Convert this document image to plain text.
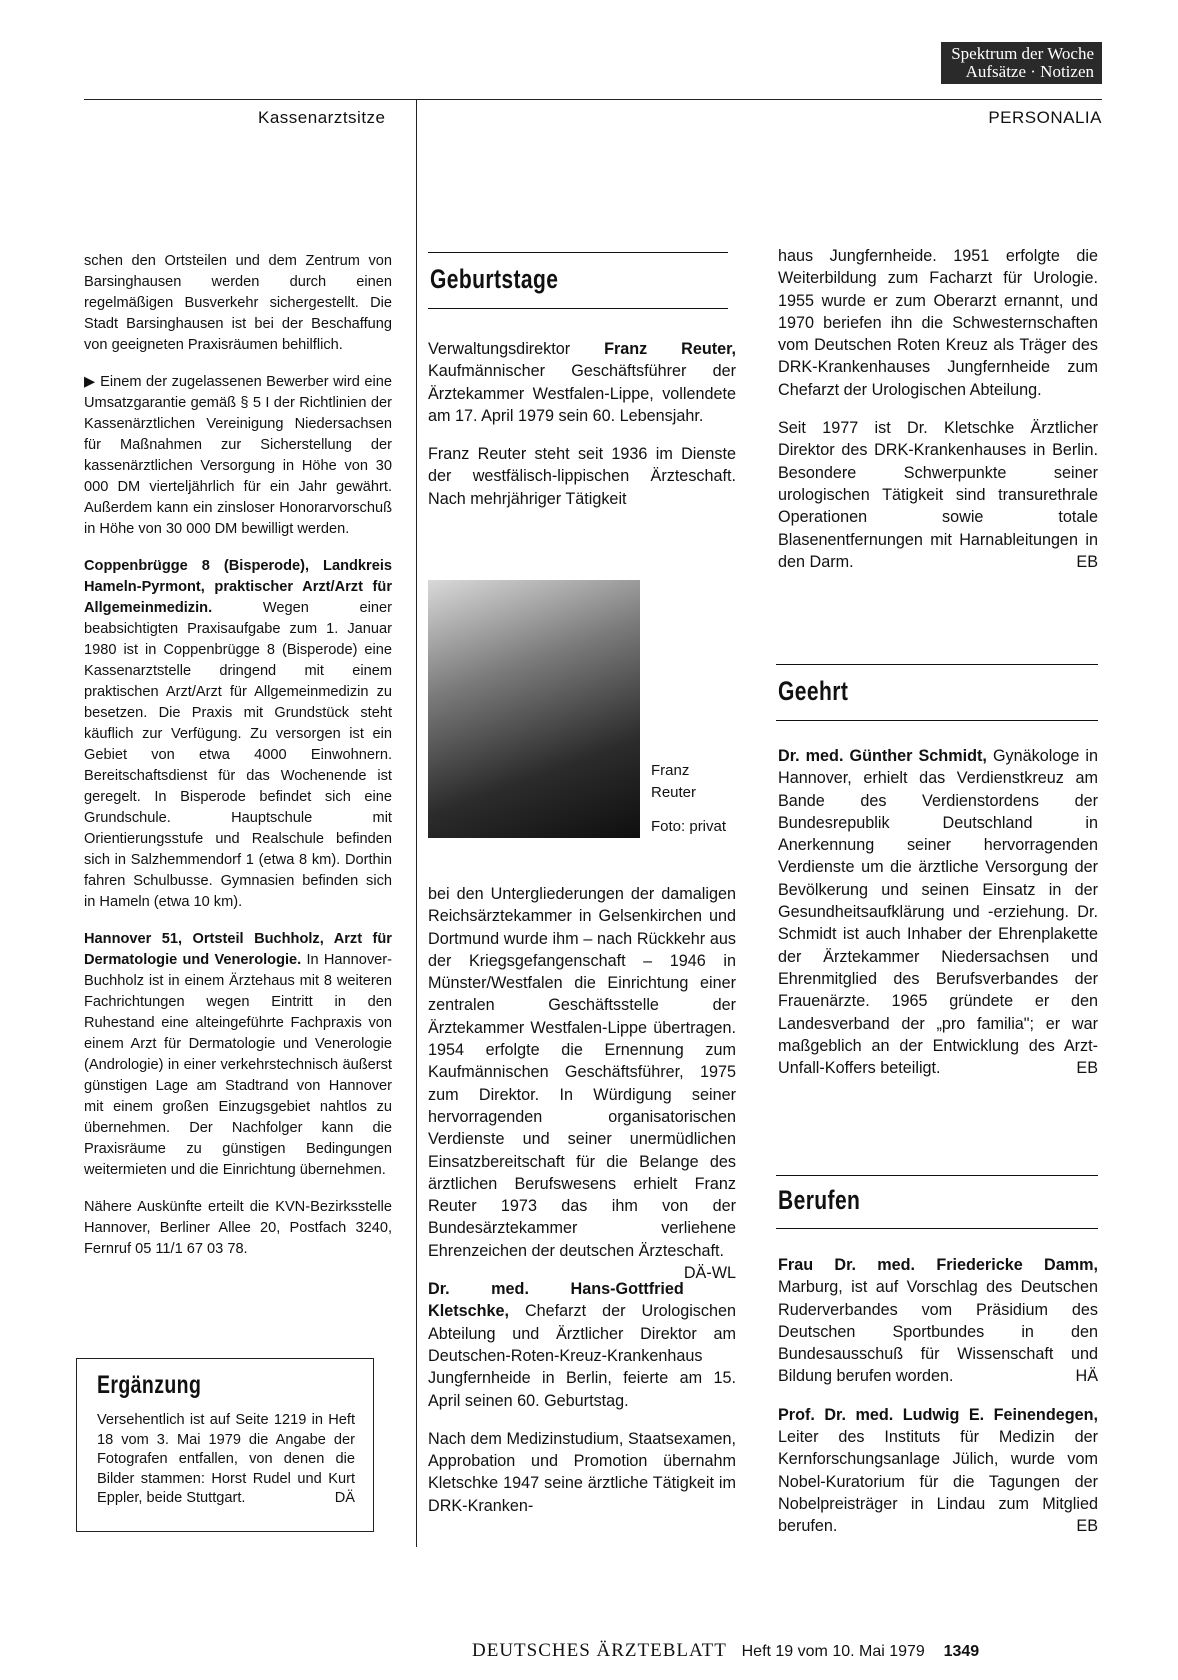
Spektrum der Woche
Aufsätze · Notizen
Kassenarztsitze	PERSONALIA

schen den Ortsteilen und dem Zentrum von Barsinghausen werden durch einen regelmäßigen Busverkehr sichergestellt. Die Stadt Barsinghausen ist bei der Beschaffung von geeigneten Praxisräumen behilflich.

▶ Einem der zugelassenen Bewerber wird eine Umsatzgarantie gemäß § 5 I der Richtlinien der Kassenärztlichen Vereinigung Niedersachsen für Maßnahmen zur Sicherstellung der kassenärztlichen Versorgung in Höhe von 30 000 DM vierteljährlich für ein Jahr gewährt. Außerdem kann ein zinsloser Honorarvorschuß in Höhe von 30 000 DM bewilligt werden.

Coppenbrügge 8 (Bisperode), Landkreis Hameln-Pyrmont, praktischer Arzt/Arzt für Allgemeinmedizin. Wegen einer beabsichtigten Praxisaufgabe zum 1. Januar 1980 ist in Coppenbrügge 8 (Bisperode) eine Kassenarztstelle dringend mit einem praktischen Arzt/Arzt für Allgemeinmedizin zu besetzen. Die Praxis mit Grundstück steht käuflich zur Verfügung. Zu versorgen ist ein Gebiet von etwa 4000 Einwohnern. Bereitschaftsdienst für das Wochenende ist geregelt. In Bisperode befindet sich eine Grundschule. Hauptschule mit Orientierungsstufe und Realschule befinden sich in Salzhemmendorf 1 (etwa 8 km). Dorthin fahren Schulbusse. Gymnasien befinden sich in Hameln (etwa 10 km).

Hannover 51, Ortsteil Buchholz, Arzt für Dermatologie und Venerologie. In Hannover-Buchholz ist in einem Ärztehaus mit 8 weiteren Fachrichtungen wegen Eintritt in den Ruhestand eine alteingeführte Fachpraxis von einem Arzt für Dermatologie und Venerologie (Andrologie) in einer verkehrstechnisch äußerst günstigen Lage am Stadtrand von Hannover mit einem großen Einzugsgebiet nahtlos zu übernehmen. Der Nachfolger kann die Praxisräume zu günstigen Bedingungen weitermieten und die Einrichtung übernehmen.

Nähere Auskünfte erteilt die KVN-Bezirksstelle Hannover, Berliner Allee 20, Postfach 3240, Fernruf 05 11/1 67 03 78.

Ergänzung
Versehentlich ist auf Seite 1219 in Heft 18 vom 3. Mai 1979 die Angabe der Fotografen entfallen, von denen die Bilder stammen: Horst Rudel und Kurt Eppler, beide Stuttgart.	DÄ
Geburtstage

Verwaltungsdirektor Franz Reuter, Kaufmännischer Geschäftsführer der Ärztekammer Westfalen-Lippe, vollendete am 17. April 1979 sein 60. Lebensjahr.

Franz Reuter steht seit 1936 im Dienste der westfälisch-lippischen Ärzteschaft. Nach mehrjähriger Tätigkeit

Franz
Reuter
Foto: privat

bei den Untergliederungen der damaligen Reichsärztekammer in Gelsenkirchen und Dortmund wurde ihm – nach Rückkehr aus der Kriegsgefangenschaft – 1946 in Münster/Westfalen die Einrichtung einer zentralen Geschäftsstelle der Ärztekammer Westfalen-Lippe übertragen. 1954 erfolgte die Ernennung zum Kaufmännischen Geschäftsführer, 1975 zum Direktor. In Würdigung seiner hervorragenden organisatorischen Verdienste und seiner unermüdlichen Einsatzbereitschaft für die Belange des ärztlichen Berufswesens erhielt Franz Reuter 1973 das ihm von der Bundesärztekammer verliehene Ehrenzeichen der deutschen Ärzteschaft.
DÄ-WL

Dr. med. Hans-Gottfried Kletschke, Chefarzt der Urologischen Abteilung und Ärztlicher Direktor am Deutschen-Roten-Kreuz-Krankenhaus Jungfernheide in Berlin, feierte am 15. April seinen 60. Geburtstag.

Nach dem Medizinstudium, Staatsexamen, Approbation und Promotion übernahm Kletschke 1947 seine ärztliche Tätigkeit im DRK-Kranken-

haus Jungfernheide. 1951 erfolgte die Weiterbildung zum Facharzt für Urologie. 1955 wurde er zum Oberarzt ernannt, und 1970 beriefen ihn die Schwesternschaften vom Deutschen Roten Kreuz als Träger des DRK-Krankenhauses Jungfernheide zum Chefarzt der Urologischen Abteilung.

Seit 1977 ist Dr. Kletschke Ärztlicher Direktor des DRK-Krankenhauses in Berlin. Besondere Schwerpunkte seiner urologischen Tätigkeit sind transurethrale Operationen sowie totale Blasenentfernungen mit Harnableitungen in den Darm.	EB

Geehrt

Dr. med. Günther Schmidt, Gynäkologe in Hannover, erhielt das Verdienstkreuz am Bande des Verdienstordens der Bundesrepublik Deutschland in Anerkennung seiner hervorragenden Verdienste um die ärztliche Versorgung der Bevölkerung und seinen Einsatz in der Gesundheitsaufklärung und -erziehung. Dr. Schmidt ist auch Inhaber der Ehrenplakette der Ärztekammer Niedersachsen und Ehrenmitglied des Berufsverbandes der Frauenärzte. 1965 gründete er den Landesverband der „pro familia"; er war maßgeblich an der Entwicklung des Arzt-Unfall-Koffers beteiligt.	EB

Berufen

Frau Dr. med. Friedericke Damm, Marburg, ist auf Vorschlag des Deutschen Ruderverbandes vom Präsidium des Deutschen Sportbundes in den Bundesausschuß für Wissenschaft und Bildung berufen worden.	HÄ

Prof. Dr. med. Ludwig E. Feinendegen, Leiter des Instituts für Medizin der Kernforschungsanlage Jülich, wurde vom Nobel-Kuratorium für die Tagungen der Nobelpreisträger in Lindau zum Mitglied berufen.	EB

DEUTSCHES ÄRZTEBLATT Heft 19 vom 10. Mai 1979 1349
